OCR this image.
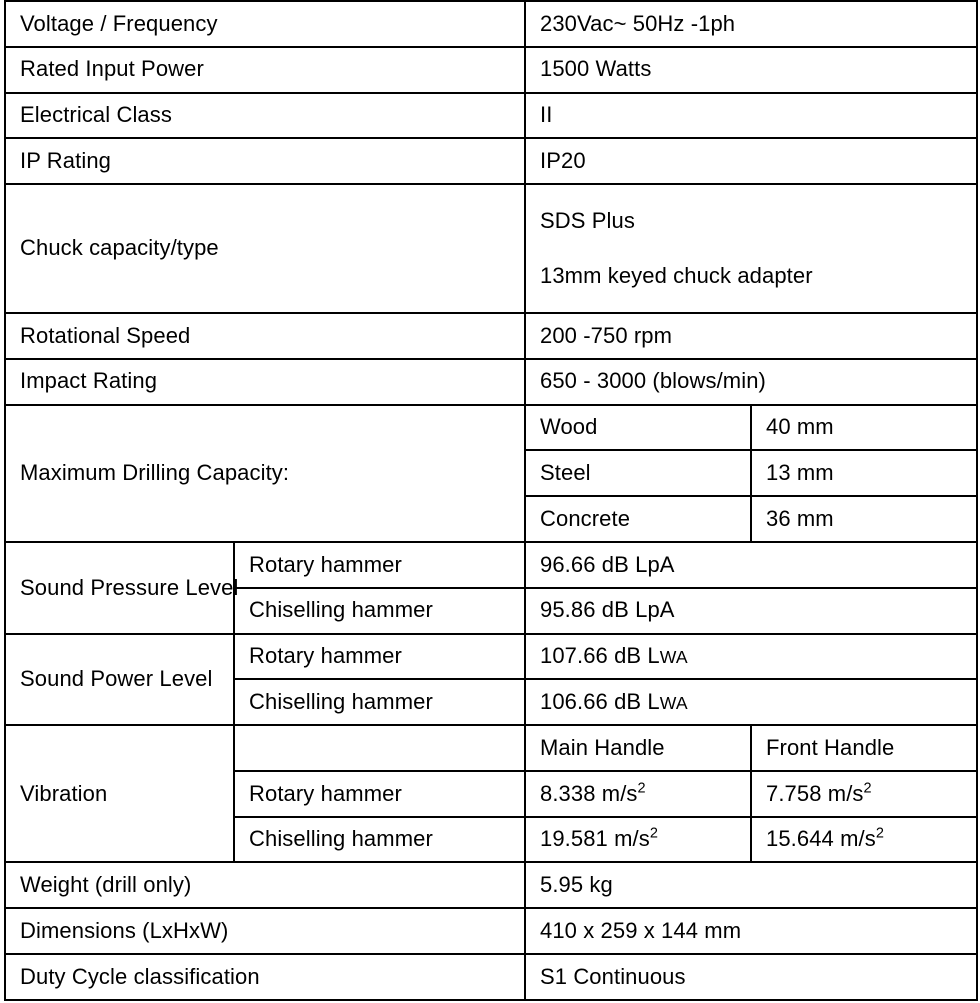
Voltage / Frequency		230Vac~ 50Hz -1ph	
Rated Input Power		1500 Watts	
Electrical Class		II	
IP Rating		IP20	
Chuck capacity/type		SDS Plus
13mm keyed chuck adapter	

Rotational Speed		200 -750 rpm	
Impact Rating		650 - 3000 (blows/min)	
Maximum Drilling Capacity:		Wood	40 mm
		Steel	13 mm
		Concrete	36 mm
Sound Pressure Level	Rotary hammer	96.66 dB LpA	
	Chiselling hammer	95.86 dB LpA	
Sound Power Level	Rotary hammer	107.66 dB LWA	
	Chiselling hammer	106.66 dB LWA	
Vibration		Main Handle	Front Handle
	Rotary hammer	8.338 $m/s^2$	7.758 $m/s^2$
	Chiselling hammer	19.581 $m/s^2$	15.644 $m/s^2$
Weight (drill only)		5.95 kg	
Dimensions (LxHxW)		410 x 259 x 144 mm	
Duty Cycle classification		S1 Continuous	
